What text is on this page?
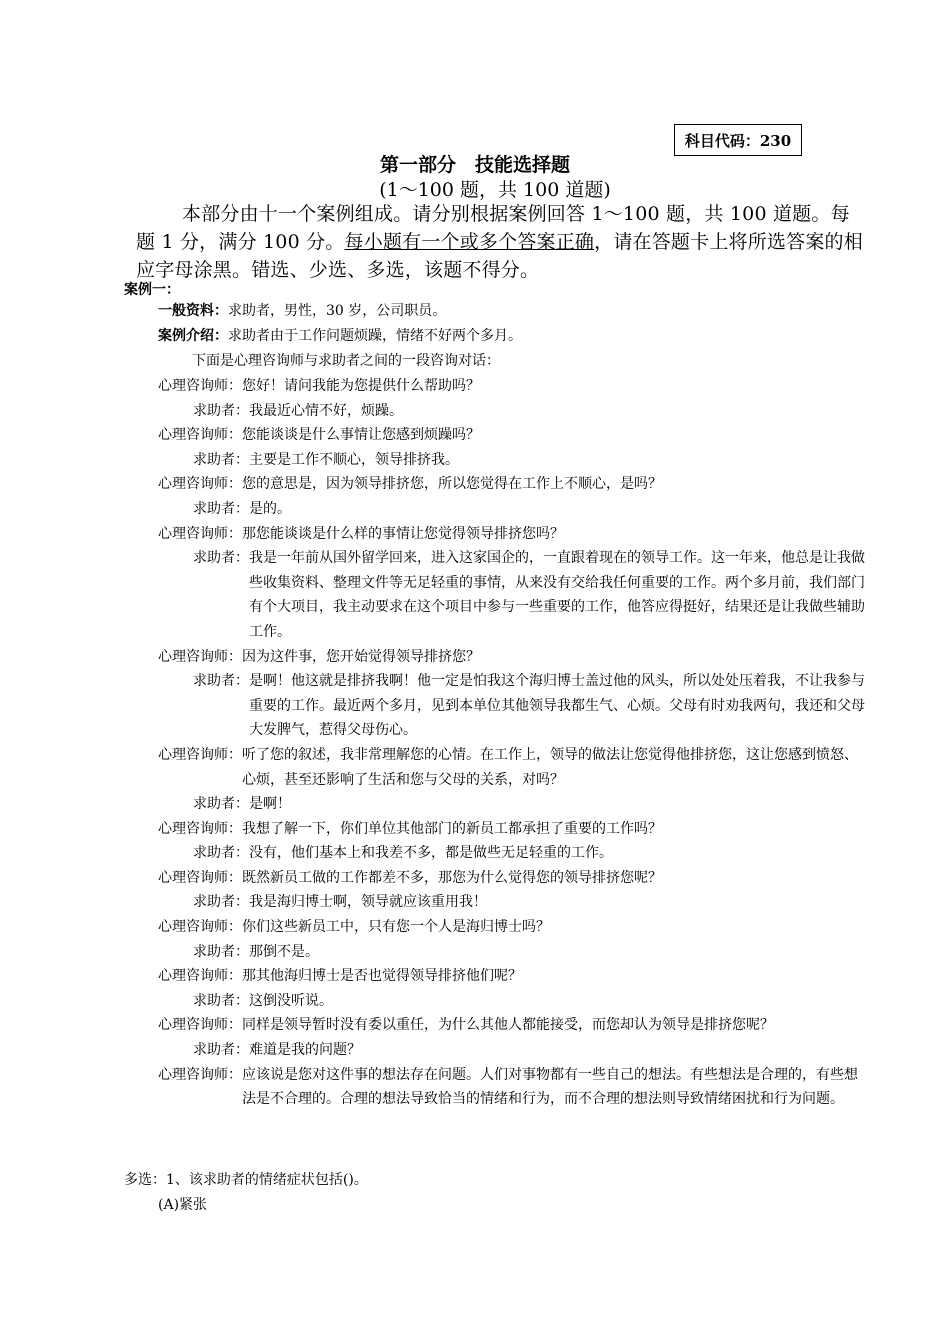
科目代码：230
第一部分　技能选择题
(1～100 题，共 100 道题)
本部分由十一个案例组成。请分别根据案例回答 1～100 题，共 100 道题。每题 1 分，满分 100 分。每小题有一个或多个答案正确，请在答题卡上将所选答案的相应字母涂黑。错选、少选、多选，该题不得分。
案例一：
一般资料：求助者，男性，30 岁，公司职员。
案例介绍：求助者由于工作问题烦躁，情绪不好两个多月。
下面是心理咨询师与求助者之间的一段咨询对话：
心理咨询师： 您好！请问我能为您提供什么帮助吗？
求助者： 我最近心情不好，烦躁。
心理咨询师： 您能谈谈是什么事情让您感到烦躁吗？
求助者： 主要是工作不顺心，领导排挤我。
心理咨询师： 您的意思是，因为领导排挤您，所以您觉得在工作上不顺心，是吗？
求助者： 是的。
心理咨询师： 那您能谈谈是什么样的事情让您觉得领导排挤您吗？
求助者： 我是一年前从国外留学回来，进入这家国企的，一直跟着现在的领导工作。这一年来，他总是让我做些收集资料、整理文件等无足轻重的事情，从来没有交给我任何重要的工作。两个多月前，我们部门有个大项目，我主动要求在这个项目中参与一些重要的工作，他答应得挺好，结果还是让我做些辅助工作。
心理咨询师： 因为这件事，您开始觉得领导排挤您？
求助者： 是啊！他这就是排挤我啊！他一定是怕我这个海归博士盖过他的风头，所以处处压着我，不让我参与重要的工作。最近两个多月，见到本单位其他领导我都生气、心烦。父母有时劝我两句，我还和父母大发脾气，惹得父母伤心。
心理咨询师： 听了您的叙述，我非常理解您的心情。在工作上，领导的做法让您觉得他排挤您，这让您感到愤怒、心烦，甚至还影响了生活和您与父母的关系，对吗？
求助者： 是啊！
心理咨询师： 我想了解一下，你们单位其他部门的新员工都承担了重要的工作吗？
求助者： 没有，他们基本上和我差不多，都是做些无足轻重的工作。
心理咨询师： 既然新员工做的工作都差不多，那您为什么觉得您的领导排挤您呢？
求助者： 我是海归博士啊，领导就应该重用我！
心理咨询师： 你们这些新员工中，只有您一个人是海归博士吗？
求助者： 那倒不是。
心理咨询师： 那其他海归博士是否也觉得领导排挤他们呢？
求助者： 这倒没听说。
心理咨询师： 同样是领导暂时没有委以重任，为什么其他人都能接受，而您却认为领导是排挤您呢？
求助者： 难道是我的问题？
心理咨询师： 应该说是您对这件事的想法存在问题。人们对事物都有一些自己的想法。有些想法是合理的，有些想法是不合理的。合理的想法导致恰当的情绪和行为，而不合理的想法则导致情绪困扰和行为问题。
多选：1、该求助者的情绪症状包括()。
(A)紧张
